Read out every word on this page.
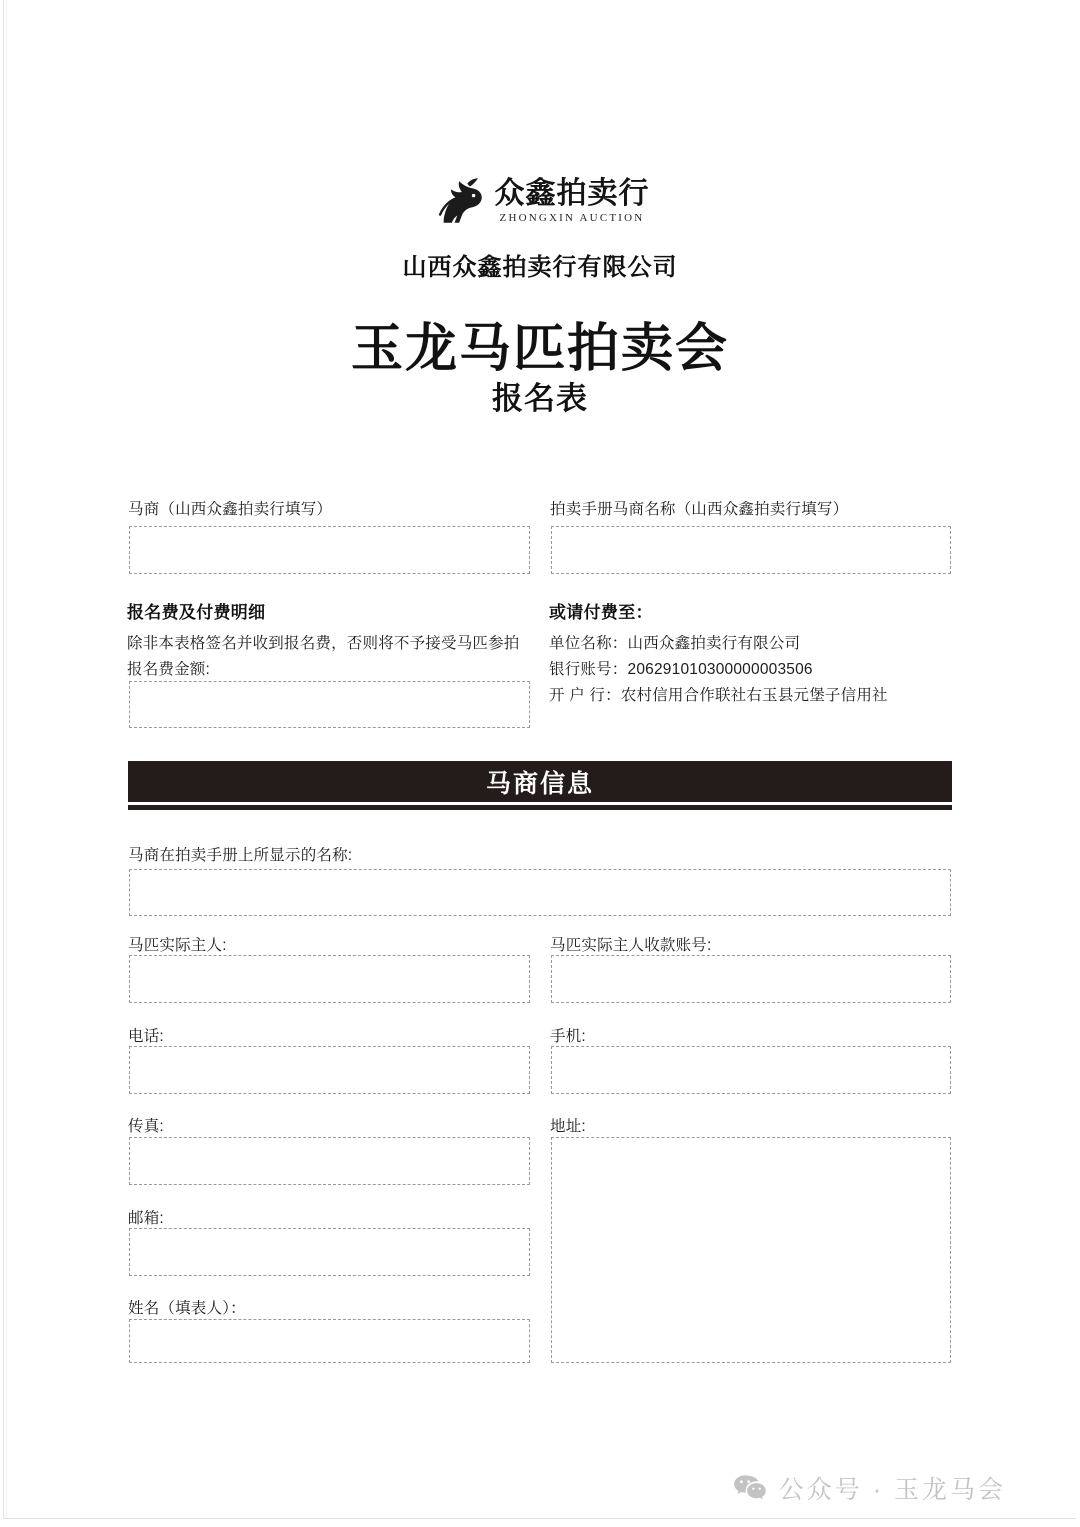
众鑫拍卖行
ZHONGXIN AUCTION
山西众鑫拍卖行有限公司
玉龙马匹拍卖会
报名表
马商（山西众鑫拍卖行填写）	拍卖手册马商名称（山西众鑫拍卖行填写）
报名费及付费明细
除非本表格签名并收到报名费，否则将不予接受马匹参拍
报名费金额:
或请付费至：
单位名称：山西众鑫拍卖行有限公司
银行账号：206291010300000003506
开 户 行：农村信用合作联社右玉县元堡子信用社
马商信息
马商在拍卖手册上所显示的名称:
马匹实际主人:	马匹实际主人收款账号:
电话:	手机:
传真:	地址:
邮箱:
姓名（填表人）：
公众号 · 玉龙马会
